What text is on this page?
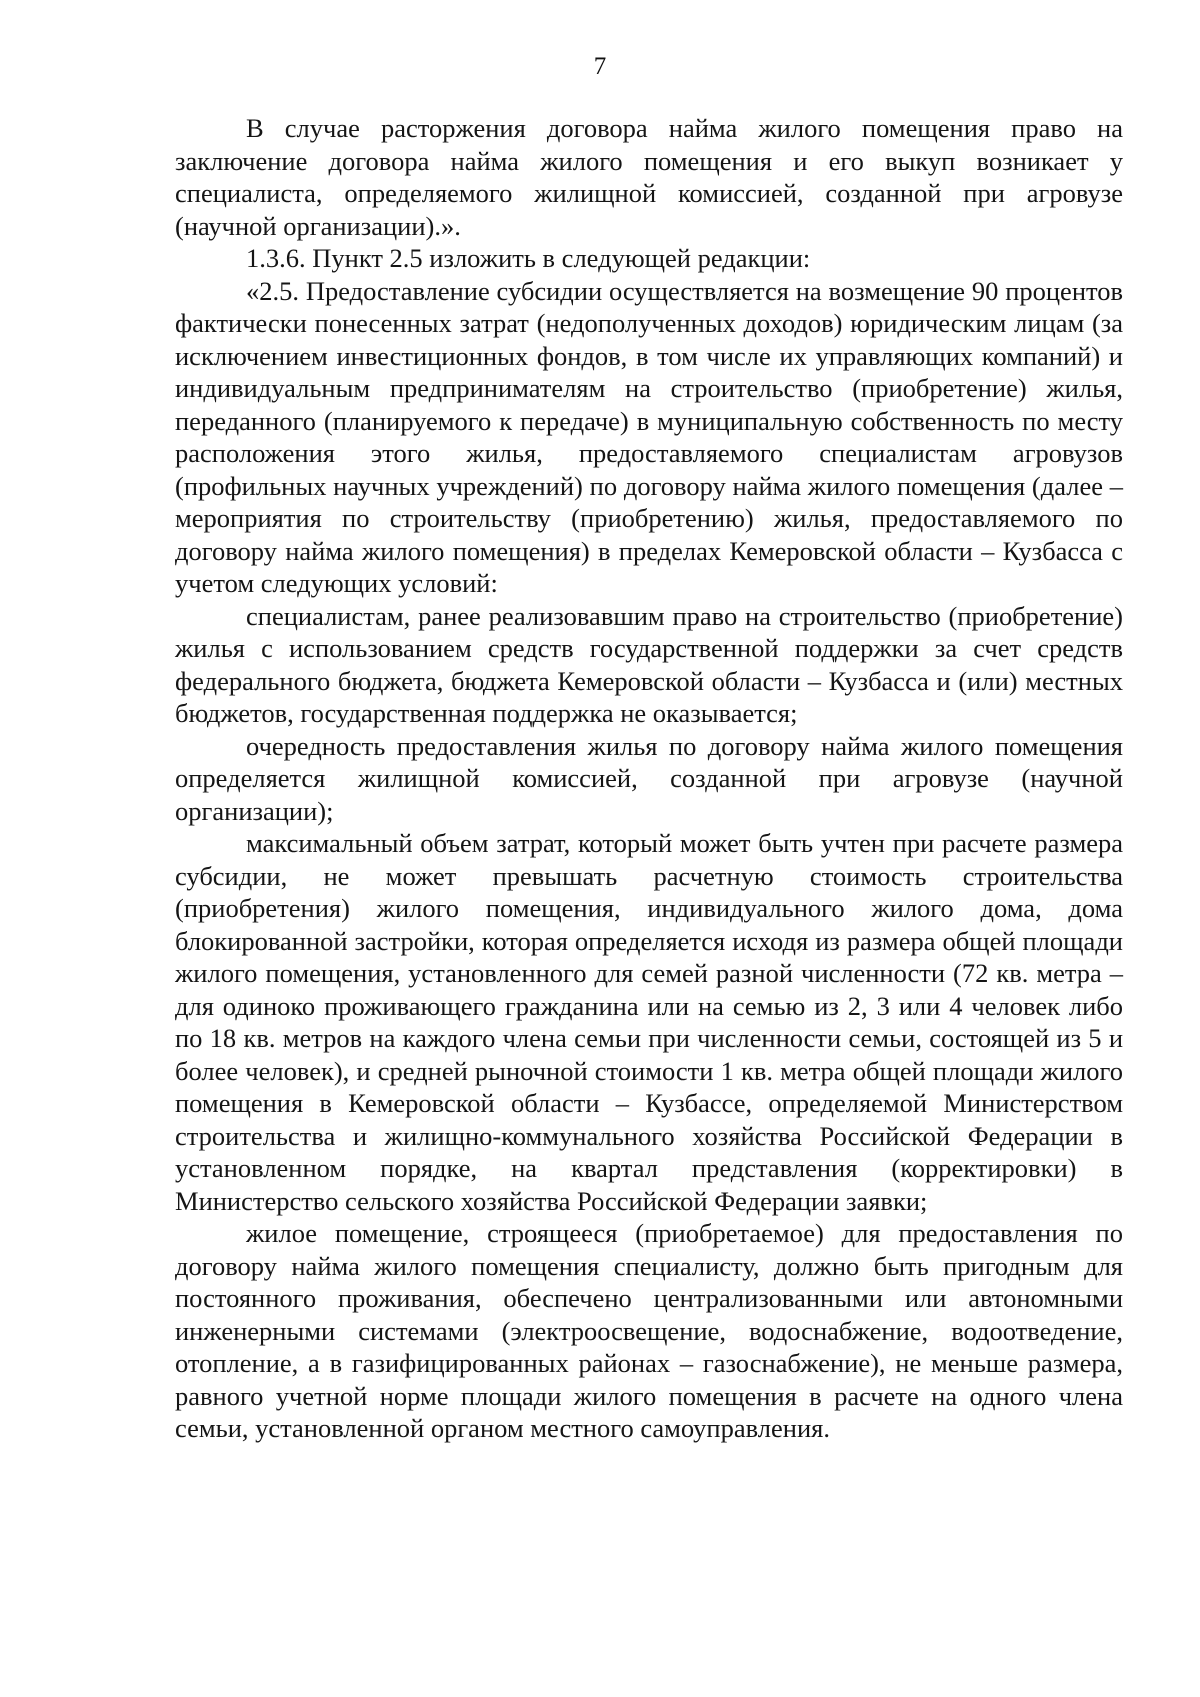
7

В случае расторжения договора найма жилого помещения право на заключение договора найма жилого помещения и его выкуп возникает у специалиста, определяемого жилищной комиссией, созданной при агровузе (научной организации).».

1.3.6. Пункт 2.5 изложить в следующей редакции:

«2.5. Предоставление субсидии осуществляется на возмещение 90 процентов фактически понесенных затрат (недополученных доходов) юридическим лицам (за исключением инвестиционных фондов, в том числе их управляющих компаний) и индивидуальным предпринимателям на строительство (приобретение) жилья, переданного (планируемого к передаче) в муниципальную собственность по месту расположения этого жилья, предоставляемого специалистам агровузов (профильных научных учреждений) по договору найма жилого помещения (далее – мероприятия по строительству (приобретению) жилья, предоставляемого по договору найма жилого помещения) в пределах Кемеровской области – Кузбасса с учетом следующих условий:

специалистам, ранее реализовавшим право на строительство (приобретение) жилья с использованием средств государственной поддержки за счет средств федерального бюджета, бюджета Кемеровской области – Кузбасса и (или) местных бюджетов, государственная поддержка не оказывается;

очередность предоставления жилья по договору найма жилого помещения определяется жилищной комиссией, созданной при агровузе (научной организации);

максимальный объем затрат, который может быть учтен при расчете размера субсидии, не может превышать расчетную стоимость строительства (приобретения) жилого помещения, индивидуального жилого дома, дома блокированной застройки, которая определяется исходя из размера общей площади жилого помещения, установленного для семей разной численности (72 кв. метра – для одиноко проживающего гражданина или на семью из 2, 3 или 4 человек либо по 18 кв. метров на каждого члена семьи при численности семьи, состоящей из 5 и более человек), и средней рыночной стоимости 1 кв. метра общей площади жилого помещения в Кемеровской области – Кузбассе, определяемой Министерством строительства и жилищно-коммунального хозяйства Российской Федерации в установленном порядке, на квартал представления (корректировки) в Министерство сельского хозяйства Российской Федерации заявки;

жилое помещение, строящееся (приобретаемое) для предоставления по договору найма жилого помещения специалисту, должно быть пригодным для постоянного проживания, обеспечено централизованными или автономными инженерными системами (электроосвещение, водоснабжение, водоотведение, отопление, а в газифицированных районах – газоснабжение), не меньше размера, равного учетной норме площади жилого помещения в расчете на одного члена семьи, установленной органом местного самоуправления.
